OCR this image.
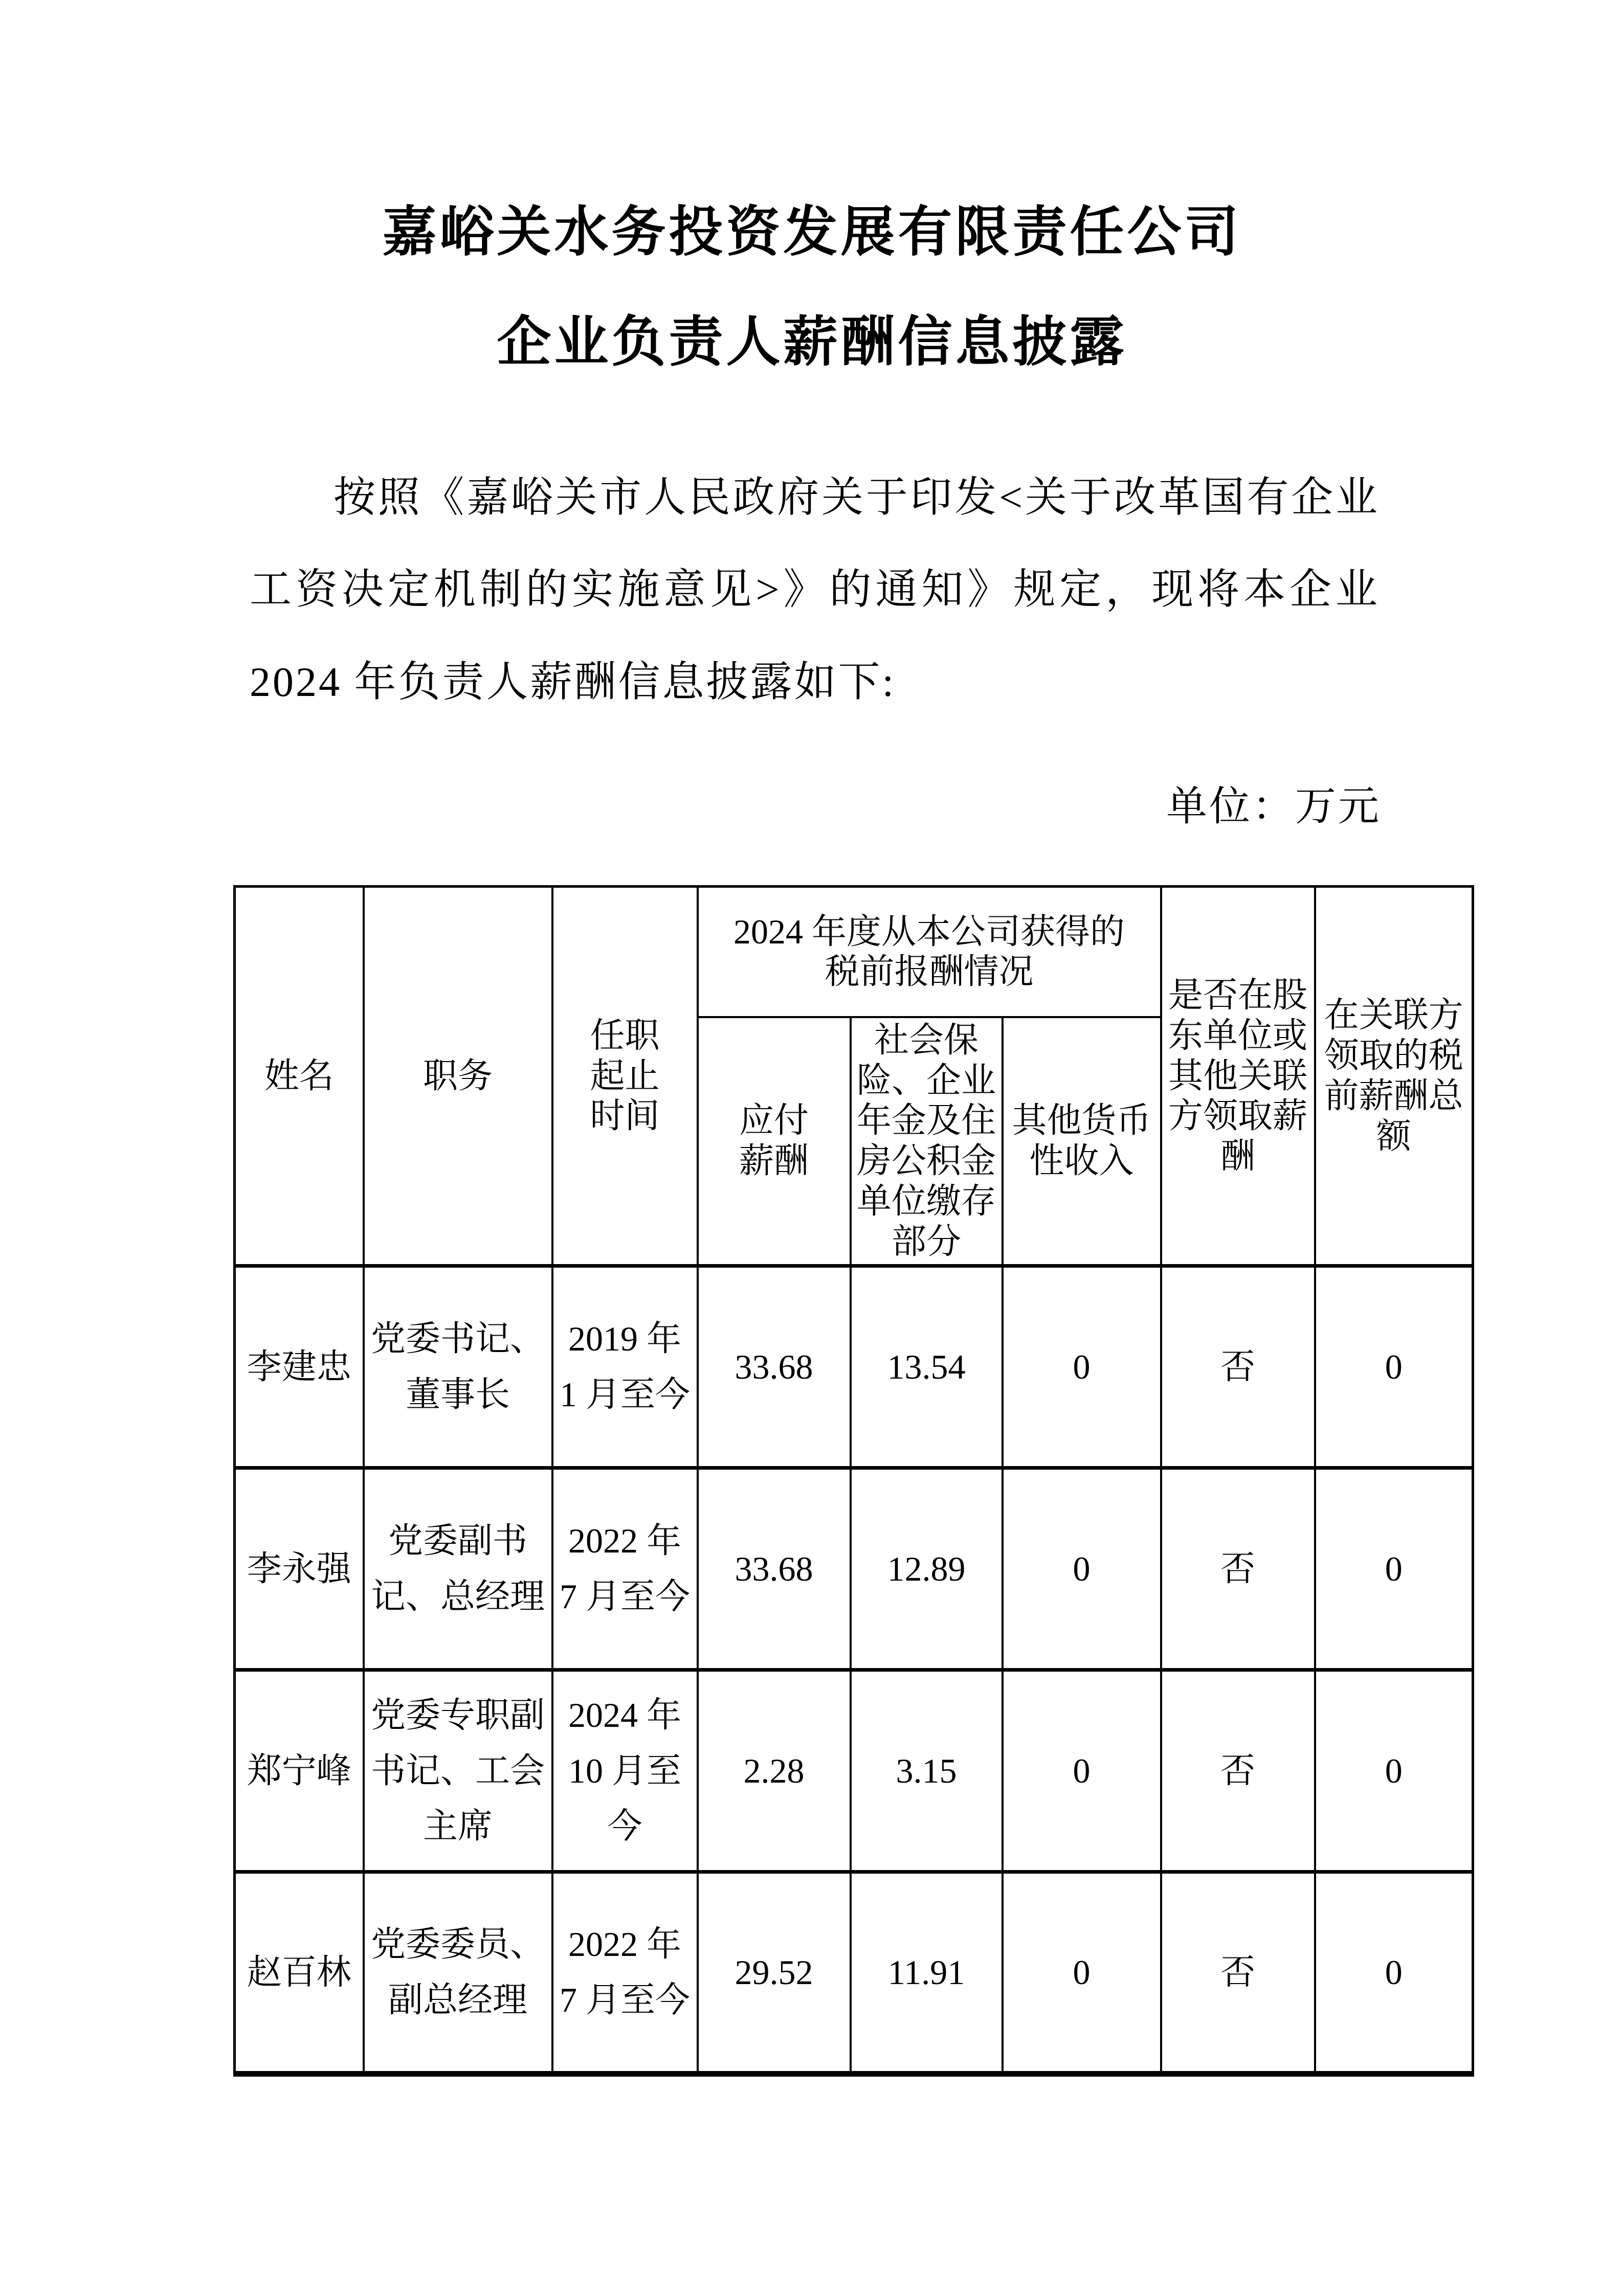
嘉峪关水务投资发展有限责任公司
企业负责人薪酬信息披露

按照《嘉峪关市人民政府关于印发<关于改革国有企业工资决定机制的实施意见>》的通知》规定，现将本企业 2024 年负责人薪酬信息披露如下:

单位：万元
姓名	职务	任职起止时间	2024 年度从本公司获得的税前报酬情况			是否在股东单位或其他关联方领取薪酬	在关联方领取的税前薪酬总额
			应付薪酬	社会保险、企业年金及住房公积金单位缴存部分	其他货币性收入		
李建忠	党委书记、董事长	2019 年 1 月至今	33.68	13.54	0	否	0
李永强	党委副书记、总经理	2022 年 7 月至今	33.68	12.89	0	否	0
郑宁峰	党委专职副书记、工会主席	2024 年 10 月至今	2.28	3.15	0	否	0
赵百林	党委委员、副总经理	2022 年 7 月至今	29.52	11.91	0	否	0
